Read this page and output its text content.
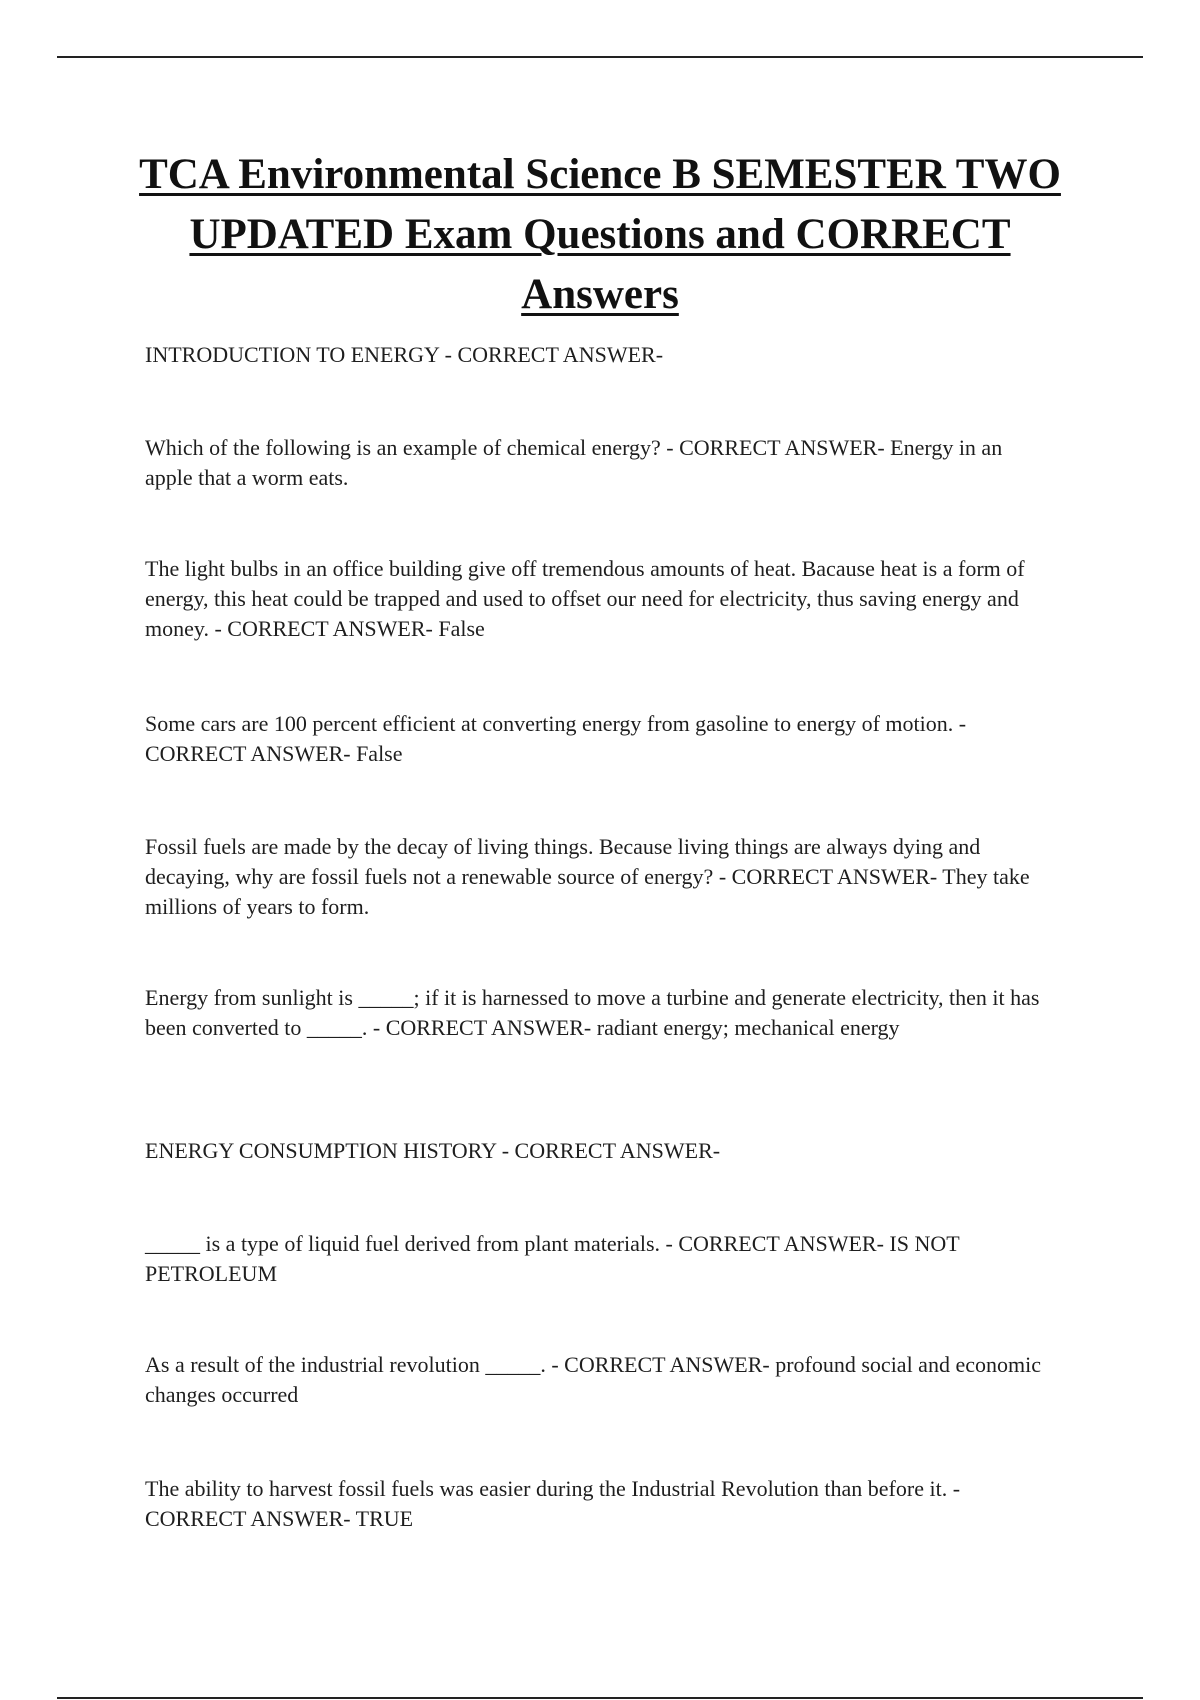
TCA Environmental Science B SEMESTER TWO UPDATED Exam Questions and CORRECT Answers

INTRODUCTION TO ENERGY - CORRECT ANSWER-

Which of the following is an example of chemical energy? - CORRECT ANSWER- Energy in an apple that a worm eats.

The light bulbs in an office building give off tremendous amounts of heat. Bacause heat is a form of energy, this heat could be trapped and used to offset our need for electricity, thus saving energy and money. - CORRECT ANSWER- False

Some cars are 100 percent efficient at converting energy from gasoline to energy of motion. - CORRECT ANSWER- False

Fossil fuels are made by the decay of living things. Because living things are always dying and decaying, why are fossil fuels not a renewable source of energy? - CORRECT ANSWER- They take millions of years to form.

Energy from sunlight is _____; if it is harnessed to move a turbine and generate electricity, then it has been converted to _____. - CORRECT ANSWER- radiant energy; mechanical energy

ENERGY CONSUMPTION HISTORY - CORRECT ANSWER-

_____ is a type of liquid fuel derived from plant materials. - CORRECT ANSWER- IS NOT PETROLEUM

As a result of the industrial revolution _____. - CORRECT ANSWER- profound social and economic changes occurred

The ability to harvest fossil fuels was easier during the Industrial Revolution than before it. - CORRECT ANSWER- TRUE
